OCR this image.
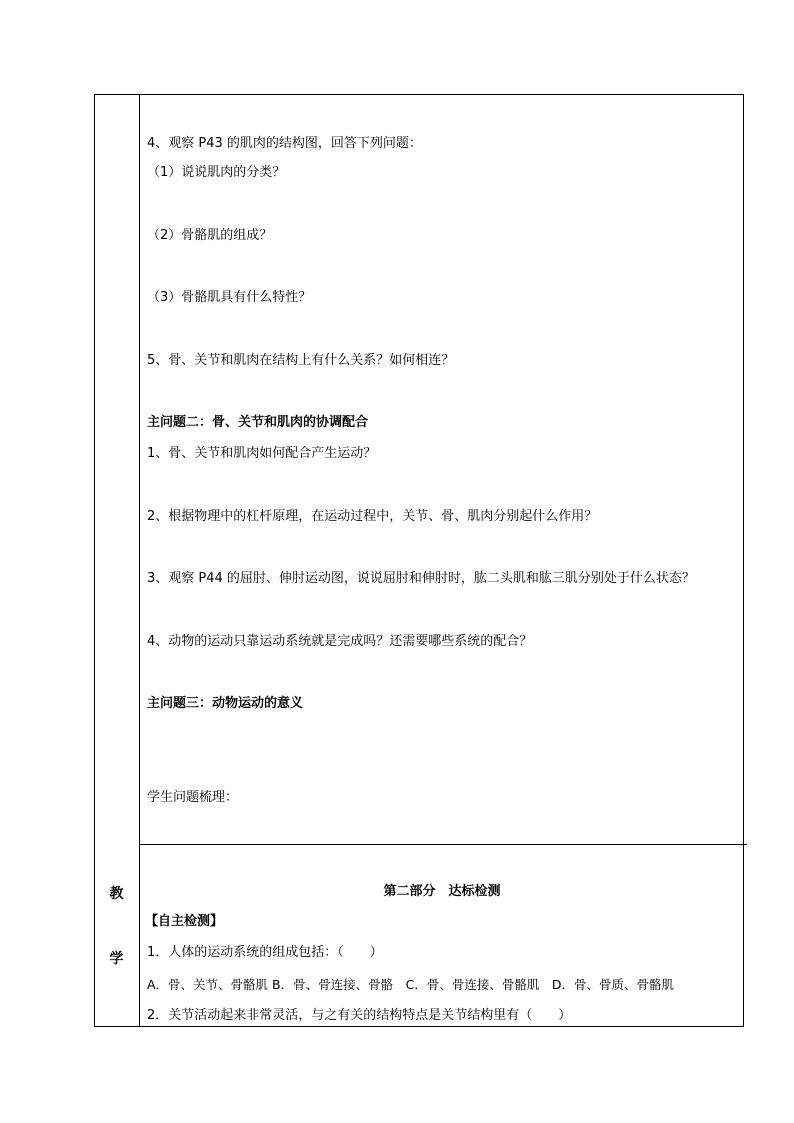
教
学
4、观察 P43 的肌肉的结构图，回答下列问题：
（1）说说肌肉的分类？
（2）骨骼肌的组成？
（3）骨骼肌具有什么特性？
5、骨、关节和肌肉在结构上有什么关系？如何相连？
主问题二：骨、关节和肌肉的协调配合
1、骨、关节和肌肉如何配合产生运动？
2、根据物理中的杠杆原理，在运动过程中，关节、骨、肌肉分别起什么作用？
3、观察 P44 的屈肘、伸肘运动图，说说屈肘和伸肘时，肱二头肌和肱三肌分别处于什么状态？
4、动物的运动只靠运动系统就是完成吗？还需要哪些系统的配合？
主问题三：动物运动的意义
学生问题梳理：
第二部分　达标检测
【自主检测】
1．人体的运动系统的组成包括：（　　）
A．骨、关节、骨骼肌 B．骨、骨连接、骨骼　C．骨、骨连接、骨骼肌　D．骨、骨质、骨骼肌
2．关节活动起来非常灵活，与之有关的结构特点是关节结构里有（　　）
